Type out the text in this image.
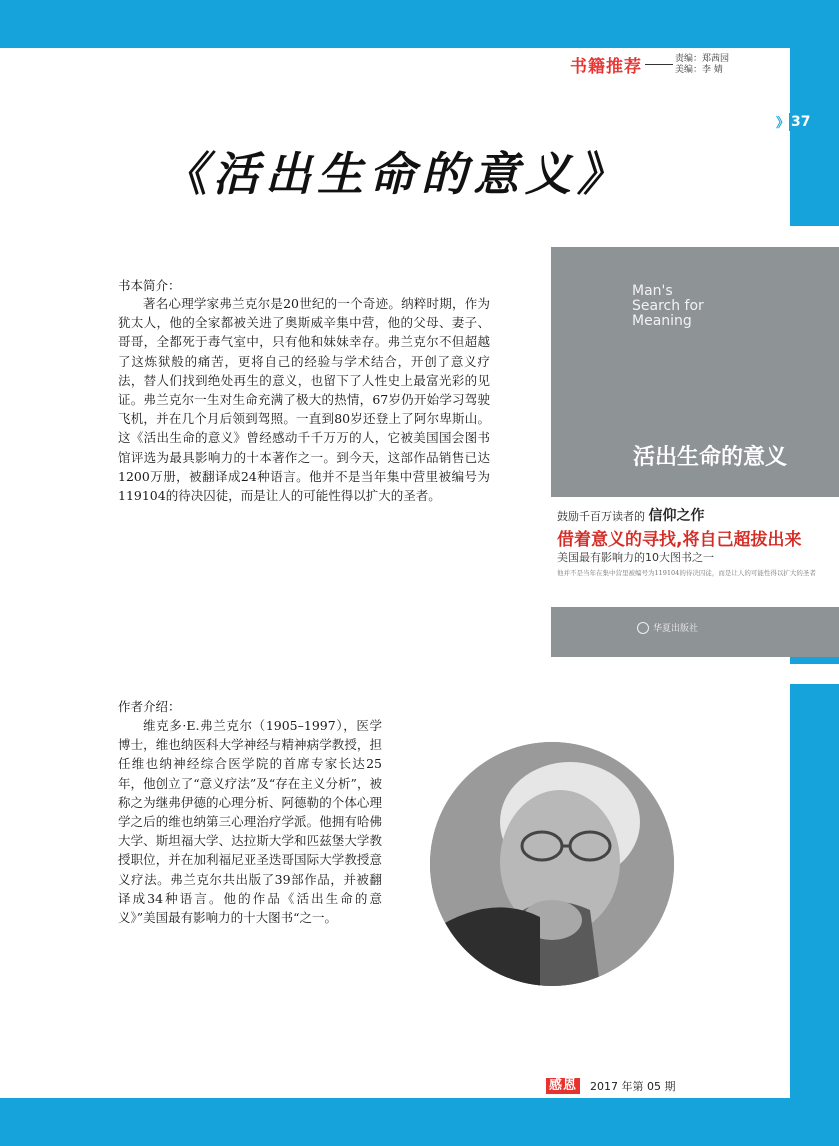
书籍推荐	责编：郑茜园
美编：李 婧
》 37
《活出生命的意义》
Man's Search for Meaning
活出生命的意义
鼓励千百万读者的 信仰之作
借着意义的寻找,将自己超拔出来
美国最有影响力的10大图书之一
他并不是当年在集中营里被编号为119104的待决囚徒，而是让人的可能性得以扩大的圣者
华夏出版社
书本简介：

著名心理学家弗兰克尔是20世纪的一个奇迹。纳粹时期，作为犹太人，他的全家都被关进了奥斯威辛集中营，他的父母、妻子、哥哥，全都死于毒气室中，只有他和妹妹幸存。弗兰克尔不但超越了这炼狱般的痛苦，更将自己的经验与学术结合，开创了意义疗法，替人们找到绝处再生的意义，也留下了人性史上最富光彩的见证。弗兰克尔一生对生命充满了极大的热情，67岁仍开始学习驾驶飞机，并在几个月后领到驾照。一直到80岁还登上了阿尔卑斯山。这《活出生命的意义》曾经感动千千万万的人，它被美国国会图书馆评选为最具影响力的十本著作之一。到今天，这部作品销售已达1200万册，被翻译成24种语言。他并不是当年集中营里被编号为119104的待决囚徒，而是让人的可能性得以扩大的圣者。

作者介绍：

维克多·E.弗兰克尔（1905–1997），医学博士，维也纳医科大学神经与精神病学教授，担任维也纳神经综合医学院的首席专家长达25年，他创立了“意义疗法”及“存在主义分析”，被称之为继弗伊德的心理分析、阿德勒的个体心理学之后的维也纳第三心理治疗学派。他拥有哈佛大学、斯坦福大学、达拉斯大学和匹兹堡大学教授职位，并在加利福尼亚圣迭哥国际大学教授意义疗法。弗兰克尔共出版了39部作品，并被翻译成34种语言。他的作品《活出生命的意义》”美国最有影响力的十大图书“之一。

感恩 2017 年第 05 期
